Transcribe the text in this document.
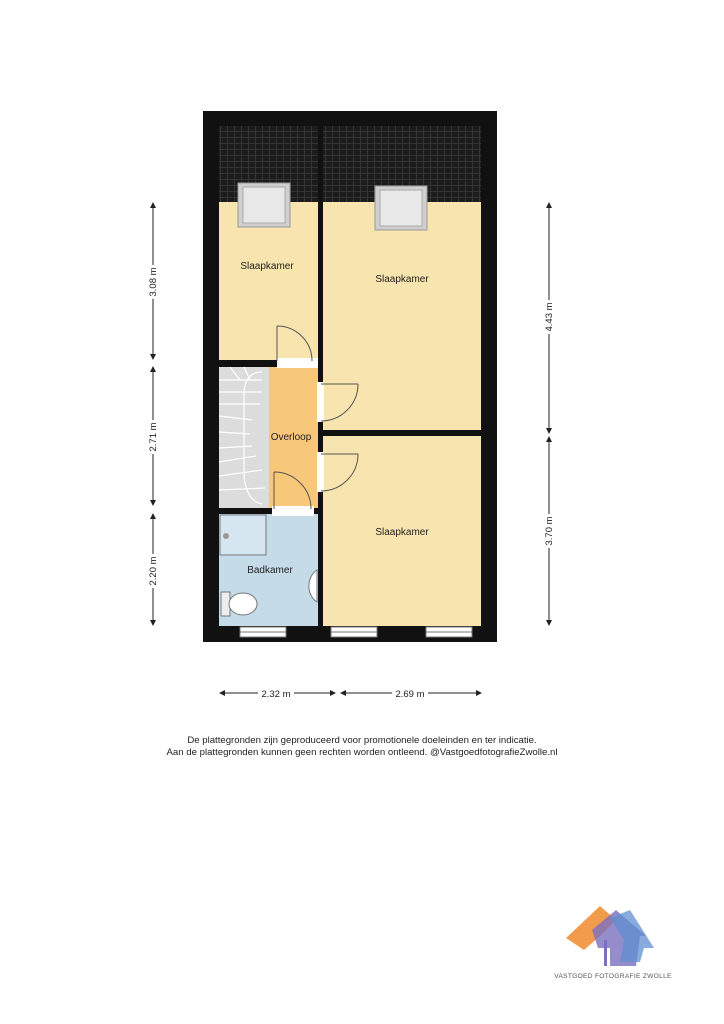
Slaapkamer
Slaapkamer
Slaapkamer
Overloop
Badkamer
3.08 m
2.71 m
2.20 m
4.43 m
3.70 m
2.32 m	2.69 m
De plattegronden zijn geproduceerd voor promotionele doeleinden en ter indicatie.
Aan de plattegronden kunnen geen rechten worden ontleend. @VastgoedfotografieZwolle.nl
VASTGOED FOTOGRAFIE ZWOLLE
